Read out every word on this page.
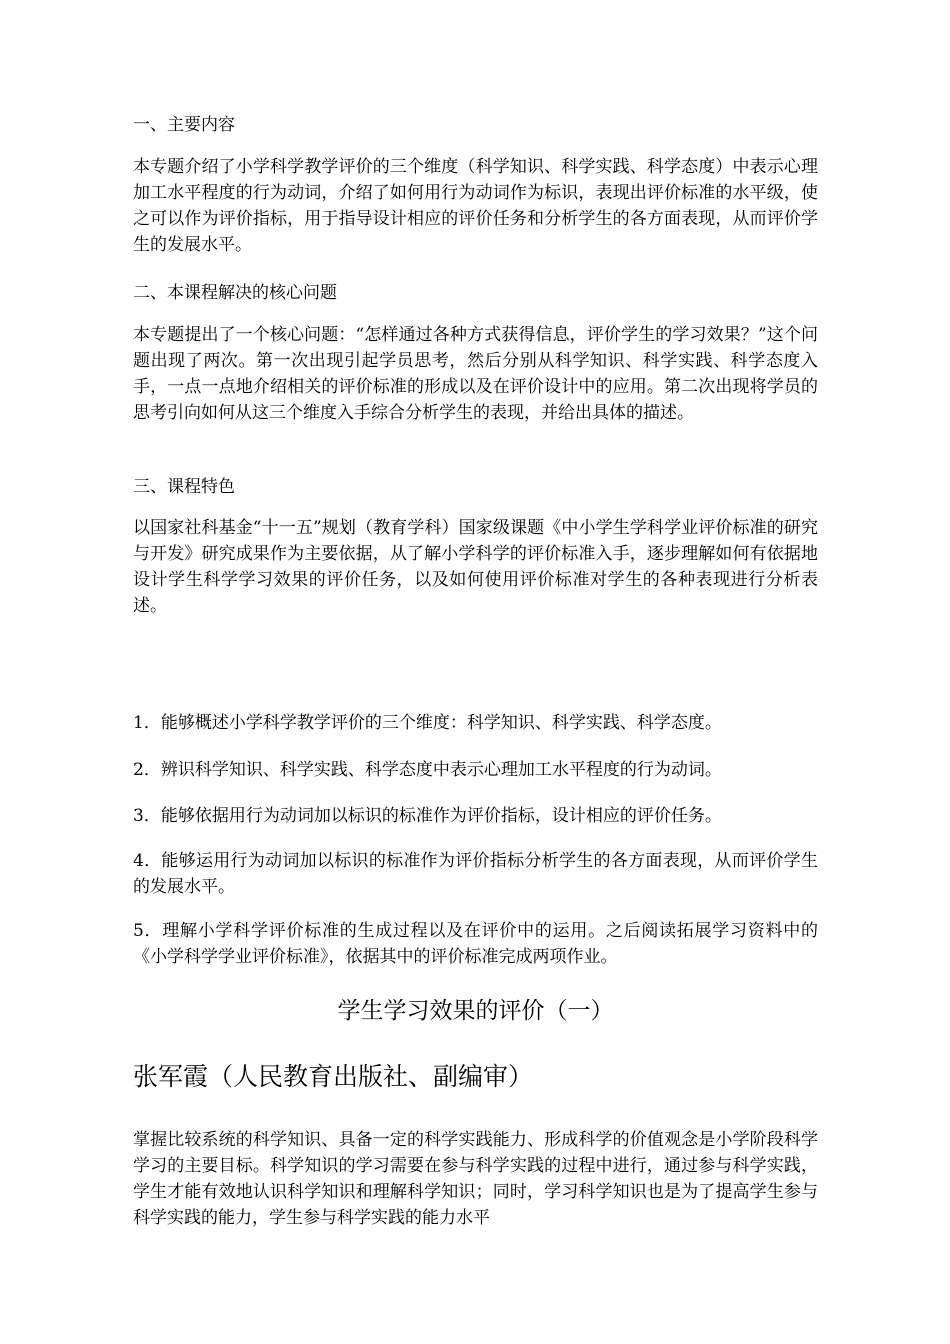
一、主要内容
本专题介绍了小学科学教学评价的三个维度（科学知识、科学实践、科学态度）中表示心理加工水平程度的行为动词，介绍了如何用行为动词作为标识，表现出评价标准的水平级，使之可以作为评价指标，用于指导设计相应的评价任务和分析学生的各方面表现，从而评价学生的发展水平。
二、本课程解决的核心问题
本专题提出了一个核心问题：“怎样通过各种方式获得信息，评价学生的学习效果？”这个问题出现了两次。第一次出现引起学员思考，然后分别从科学知识、科学实践、科学态度入手，一点一点地介绍相关的评价标准的形成以及在评价设计中的应用。第二次出现将学员的思考引向如何从这三个维度入手综合分析学生的表现，并给出具体的描述。
三、课程特色
以国家社科基金“十一五”规划（教育学科）国家级课题《中小学生学科学业评价标准的研究与开发》研究成果作为主要依据，从了解小学科学的评价标准入手，逐步理解如何有依据地设计学生科学学习效果的评价任务，以及如何使用评价标准对学生的各种表现进行分析表述。
1．能够概述小学科学教学评价的三个维度：科学知识、科学实践、科学态度。
2．辨识科学知识、科学实践、科学态度中表示心理加工水平程度的行为动词。
3．能够依据用行为动词加以标识的标准作为评价指标，设计相应的评价任务。
4．能够运用行为动词加以标识的标准作为评价指标分析学生的各方面表现，从而评价学生的发展水平。
5．理解小学科学评价标准的生成过程以及在评价中的运用。之后阅读拓展学习资料中的《小学科学学业评价标准》，依据其中的评价标准完成两项作业。
学生学习效果的评价（一）
张军霞（人民教育出版社、副编审）
掌握比较系统的科学知识、具备一定的科学实践能力、形成科学的价值观念是小学阶段科学学习的主要目标。科学知识的学习需要在参与科学实践的过程中进行，通过参与科学实践，学生才能有效地认识科学知识和理解科学知识；同时，学习科学知识也是为了提高学生参与科学实践的能力，学生参与科学实践的能力水平
